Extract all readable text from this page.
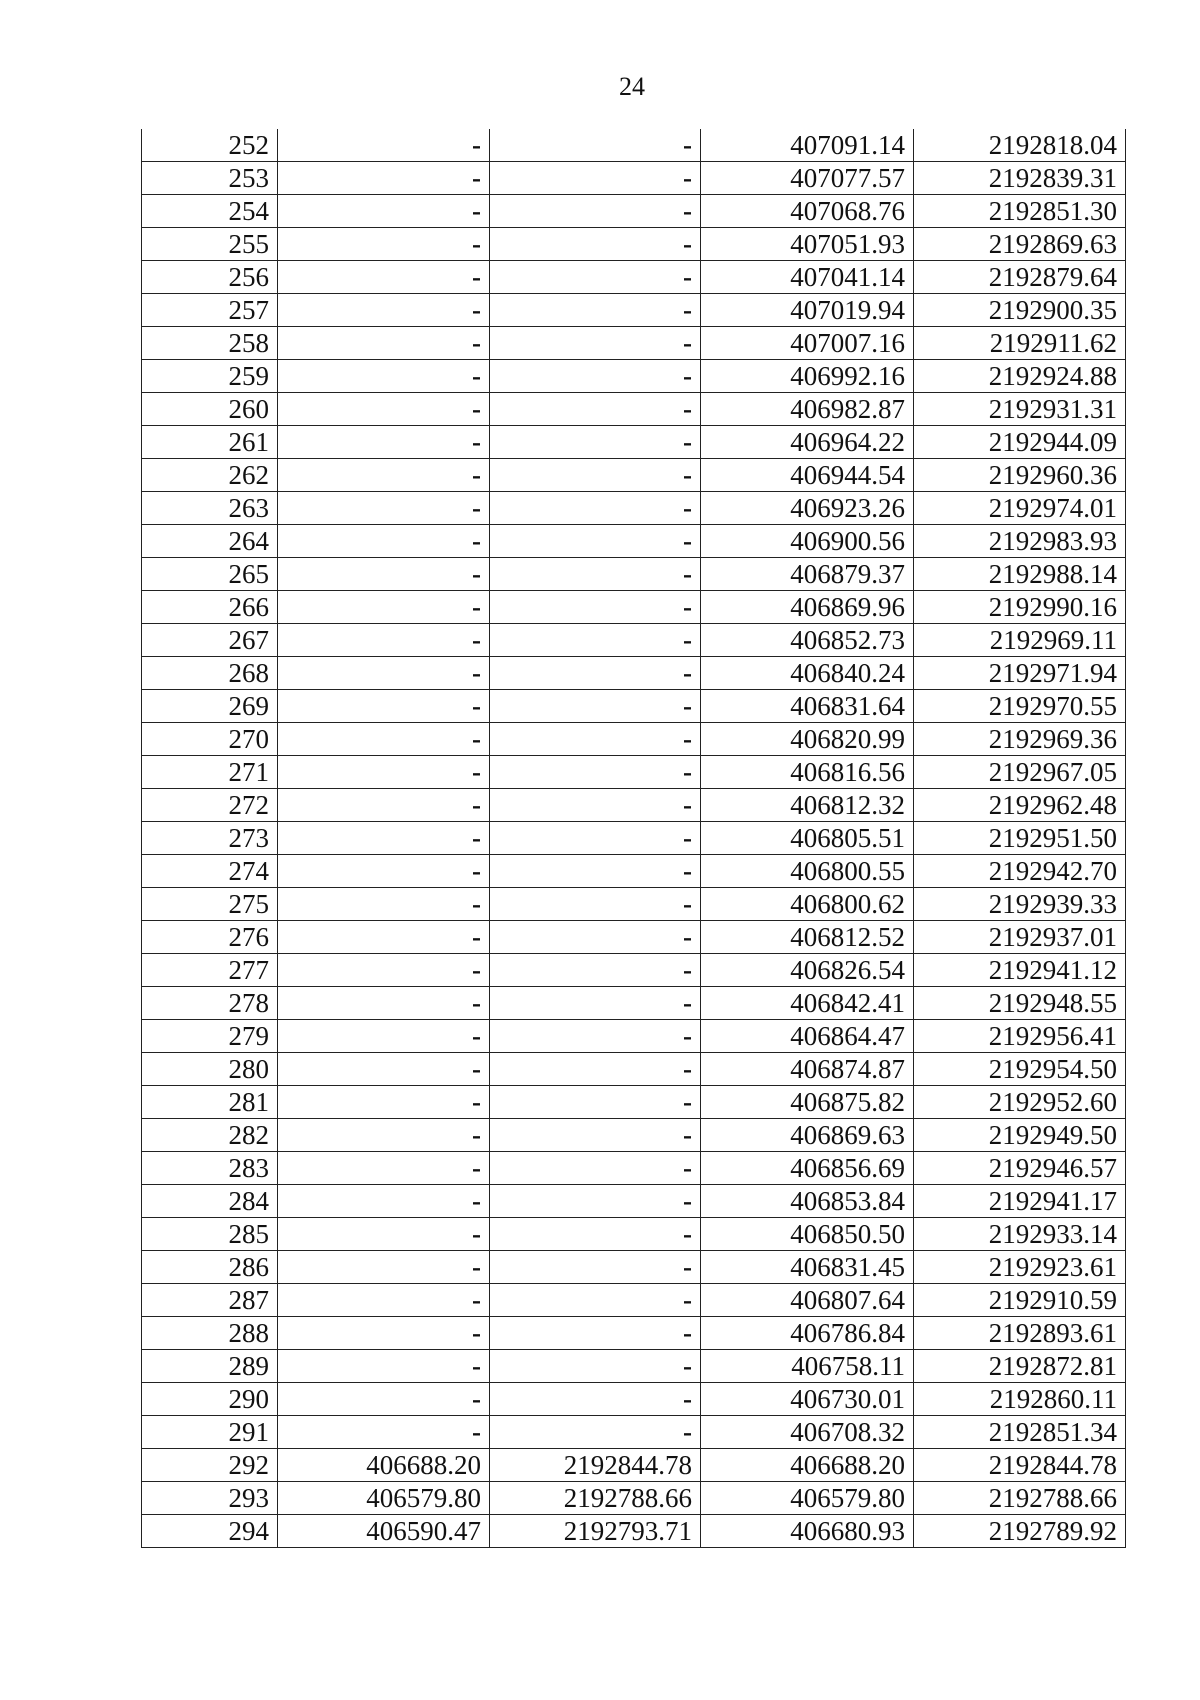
24
252	-	-	407091.14	2192818.04
253	-	-	407077.57	2192839.31
254	-	-	407068.76	2192851.30
255	-	-	407051.93	2192869.63
256	-	-	407041.14	2192879.64
257	-	-	407019.94	2192900.35
258	-	-	407007.16	2192911.62
259	-	-	406992.16	2192924.88
260	-	-	406982.87	2192931.31
261	-	-	406964.22	2192944.09
262	-	-	406944.54	2192960.36
263	-	-	406923.26	2192974.01
264	-	-	406900.56	2192983.93
265	-	-	406879.37	2192988.14
266	-	-	406869.96	2192990.16
267	-	-	406852.73	2192969.11
268	-	-	406840.24	2192971.94
269	-	-	406831.64	2192970.55
270	-	-	406820.99	2192969.36
271	-	-	406816.56	2192967.05
272	-	-	406812.32	2192962.48
273	-	-	406805.51	2192951.50
274	-	-	406800.55	2192942.70
275	-	-	406800.62	2192939.33
276	-	-	406812.52	2192937.01
277	-	-	406826.54	2192941.12
278	-	-	406842.41	2192948.55
279	-	-	406864.47	2192956.41
280	-	-	406874.87	2192954.50
281	-	-	406875.82	2192952.60
282	-	-	406869.63	2192949.50
283	-	-	406856.69	2192946.57
284	-	-	406853.84	2192941.17
285	-	-	406850.50	2192933.14
286	-	-	406831.45	2192923.61
287	-	-	406807.64	2192910.59
288	-	-	406786.84	2192893.61
289	-	-	406758.11	2192872.81
290	-	-	406730.01	2192860.11
291	-	-	406708.32	2192851.34
292	406688.20	2192844.78	406688.20	2192844.78
293	406579.80	2192788.66	406579.80	2192788.66
294	406590.47	2192793.71	406680.93	2192789.92
